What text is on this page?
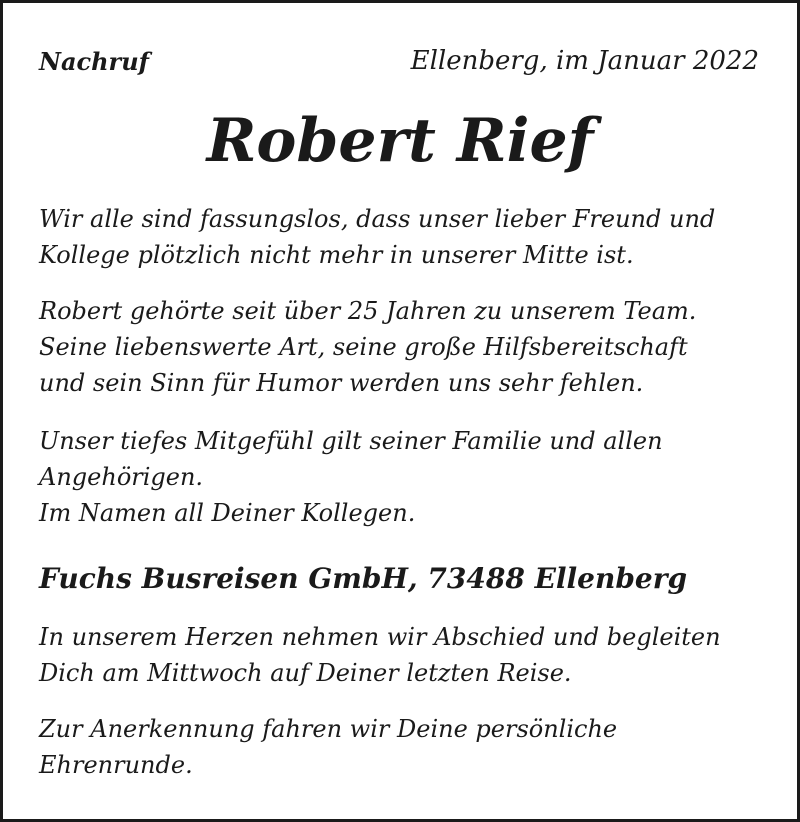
Nachruf	Ellenberg, im Januar 2022
Robert Rief

Wir alle sind fassungslos, dass unser lieber Freund und
Kollege plötzlich nicht mehr in unserer Mitte ist.

Robert gehörte seit über 25 Jahren zu unserem Team.
Seine liebenswerte Art, seine große Hilfsbereitschaft
und sein Sinn für Humor werden uns sehr fehlen.

Unser tiefes Mitgefühl gilt seiner Familie und allen
Angehörigen.
Im Namen all Deiner Kollegen.

Fuchs Busreisen GmbH, 73488 Ellenberg

In unserem Herzen nehmen wir Abschied und begleiten
Dich am Mittwoch auf Deiner letzten Reise.

Zur Anerkennung fahren wir Deine persönliche
Ehrenrunde.
